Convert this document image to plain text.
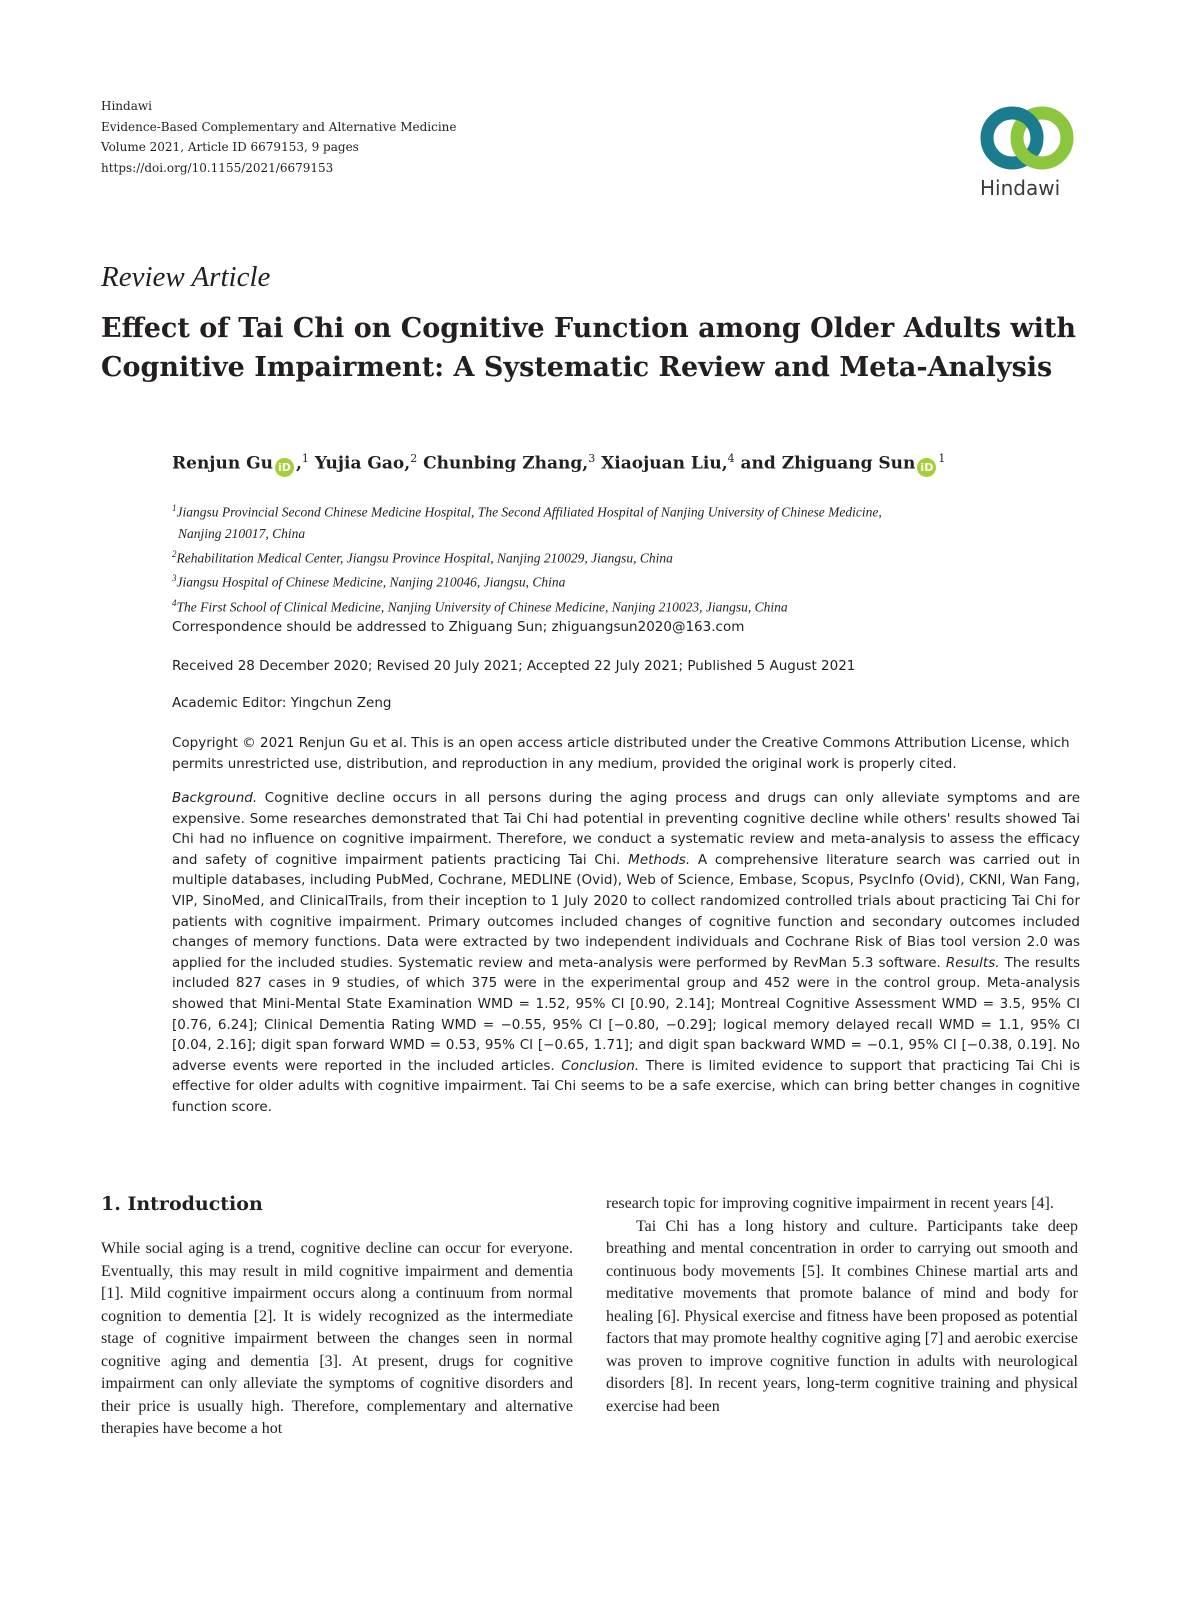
Hindawi
Evidence-Based Complementary and Alternative Medicine
Volume 2021, Article ID 6679153, 9 pages
https://doi.org/10.1155/2021/6679153
Hindawi
Review Article
Effect of Tai Chi on Cognitive Function among Older Adults with Cognitive Impairment: A Systematic Review and Meta-Analysis
Renjun Gu iD ,$^1$ Yujia Gao,$^2$ Chunbing Zhang,$^3$ Xiaojuan Liu,$^4$ and Zhiguang Sun $iD^1$

$^1$Jiangsu Provincial Second Chinese Medicine Hospital, The Second Affiliated Hospital of Nanjing University of Chinese Medicine,

Nanjing 210017, China

$^2$Rehabilitation Medical Center, Jiangsu Province Hospital, Nanjing 210029, Jiangsu, China

$^3$Jiangsu Hospital of Chinese Medicine, Nanjing 210046, Jiangsu, China

$^4$The First School of Clinical Medicine, Nanjing University of Chinese Medicine, Nanjing 210023, Jiangsu, China

Correspondence should be addressed to Zhiguang Sun; zhiguangsun2020@163.com
Received 28 December 2020; Revised 20 July 2021; Accepted 22 July 2021; Published 5 August 2021
Academic Editor: Yingchun Zeng
Copyright © 2021 Renjun Gu et al. This is an open access article distributed under the Creative Commons Attribution License, which permits unrestricted use, distribution, and reproduction in any medium, provided the original work is properly cited.
Background. Cognitive decline occurs in all persons during the aging process and drugs can only alleviate symptoms and are expensive. Some researches demonstrated that Tai Chi had potential in preventing cognitive decline while others' results showed Tai Chi had no influence on cognitive impairment. Therefore, we conduct a systematic review and meta-analysis to assess the efficacy and safety of cognitive impairment patients practicing Tai Chi. Methods. A comprehensive literature search was carried out in multiple databases, including PubMed, Cochrane, MEDLINE (Ovid), Web of Science, Embase, Scopus, PsycInfo (Ovid), CKNI, Wan Fang, VIP, SinoMed, and ClinicalTrails, from their inception to 1 July 2020 to collect randomized controlled trials about practicing Tai Chi for patients with cognitive impairment. Primary outcomes included changes of cognitive function and secondary outcomes included changes of memory functions. Data were extracted by two independent individuals and Cochrane Risk of Bias tool version 2.0 was applied for the included studies. Systematic review and meta-analysis were performed by RevMan 5.3 software. Results. The results included 827 cases in 9 studies, of which 375 were in the experimental group and 452 were in the control group. Meta-analysis showed that Mini-Mental State Examination WMD = 1.52, 95% CI [0.90, 2.14]; Montreal Cognitive Assessment WMD = 3.5, 95% CI [0.76, 6.24]; Clinical Dementia Rating WMD = −0.55, 95% CI [−0.80, −0.29]; logical memory delayed recall WMD = 1.1, 95% CI [0.04, 2.16]; digit span forward WMD = 0.53, 95% CI [−0.65, 1.71]; and digit span backward WMD = −0.1, 95% CI [−0.38, 0.19]. No adverse events were reported in the included articles. Conclusion. There is limited evidence to support that practicing Tai Chi is effective for older adults with cognitive impairment. Tai Chi seems to be a safe exercise, which can bring better changes in cognitive function score.
1. Introduction

While social aging is a trend, cognitive decline can occur for everyone. Eventually, this may result in mild cognitive impairment and dementia [1]. Mild cognitive impairment occurs along a continuum from normal cognition to dementia [2]. It is widely recognized as the intermediate stage of cognitive impairment between the changes seen in normal cognitive aging and dementia [3]. At present, drugs for cognitive impairment can only alleviate the symptoms of cognitive disorders and their price is usually high. Therefore, complementary and alternative therapies have become a hot

research topic for improving cognitive impairment in recent years [4].

Tai Chi has a long history and culture. Participants take deep breathing and mental concentration in order to carrying out smooth and continuous body movements [5]. It combines Chinese martial arts and meditative movements that promote balance of mind and body for healing [6]. Physical exercise and fitness have been proposed as potential factors that may promote healthy cognitive aging [7] and aerobic exercise was proven to improve cognitive function in adults with neurological disorders [8]. In recent years, long-term cognitive training and physical exercise had been
